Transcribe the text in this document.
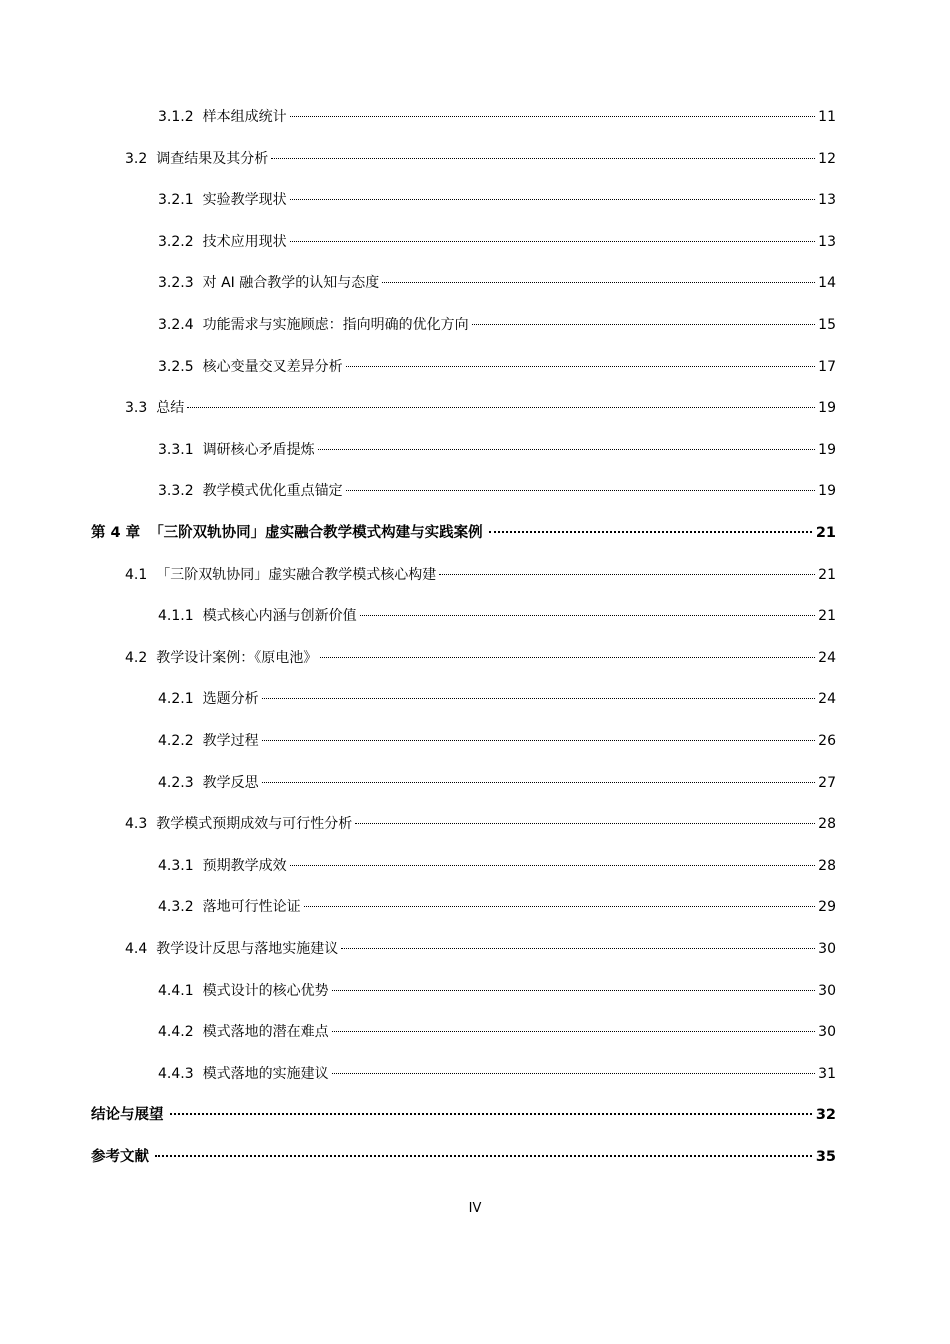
3.1.2 样本组成统计	11
3.2 调查结果及其分析	12
3.2.1 实验教学现状	13
3.2.2 技术应用现状	13
3.2.3 对 AI 融合教学的认知与态度	14
3.2.4 功能需求与实施顾虑：指向明确的优化方向	15
3.2.5 核心变量交叉差异分析	17
3.3 总结	19
3.3.1 调研核心矛盾提炼	19
3.3.2 教学模式优化重点锚定	19
第 4 章 「三阶双轨协同」虚实融合教学模式构建与实践案例	21
4.1 「三阶双轨协同」虚实融合教学模式核心构建	21
4.1.1 模式核心内涵与创新价值	21
4.2 教学设计案例：《原电池》	24
4.2.1 选题分析	24
4.2.2 教学过程	26
4.2.3 教学反思	27
4.3 教学模式预期成效与可行性分析	28
4.3.1 预期教学成效	28
4.3.2 落地可行性论证	29
4.4 教学设计反思与落地实施建议	30
4.4.1 模式设计的核心优势	30
4.4.2 模式落地的潜在难点	30
4.4.3 模式落地的实施建议	31
结论与展望	32
参考文献	35
IV
